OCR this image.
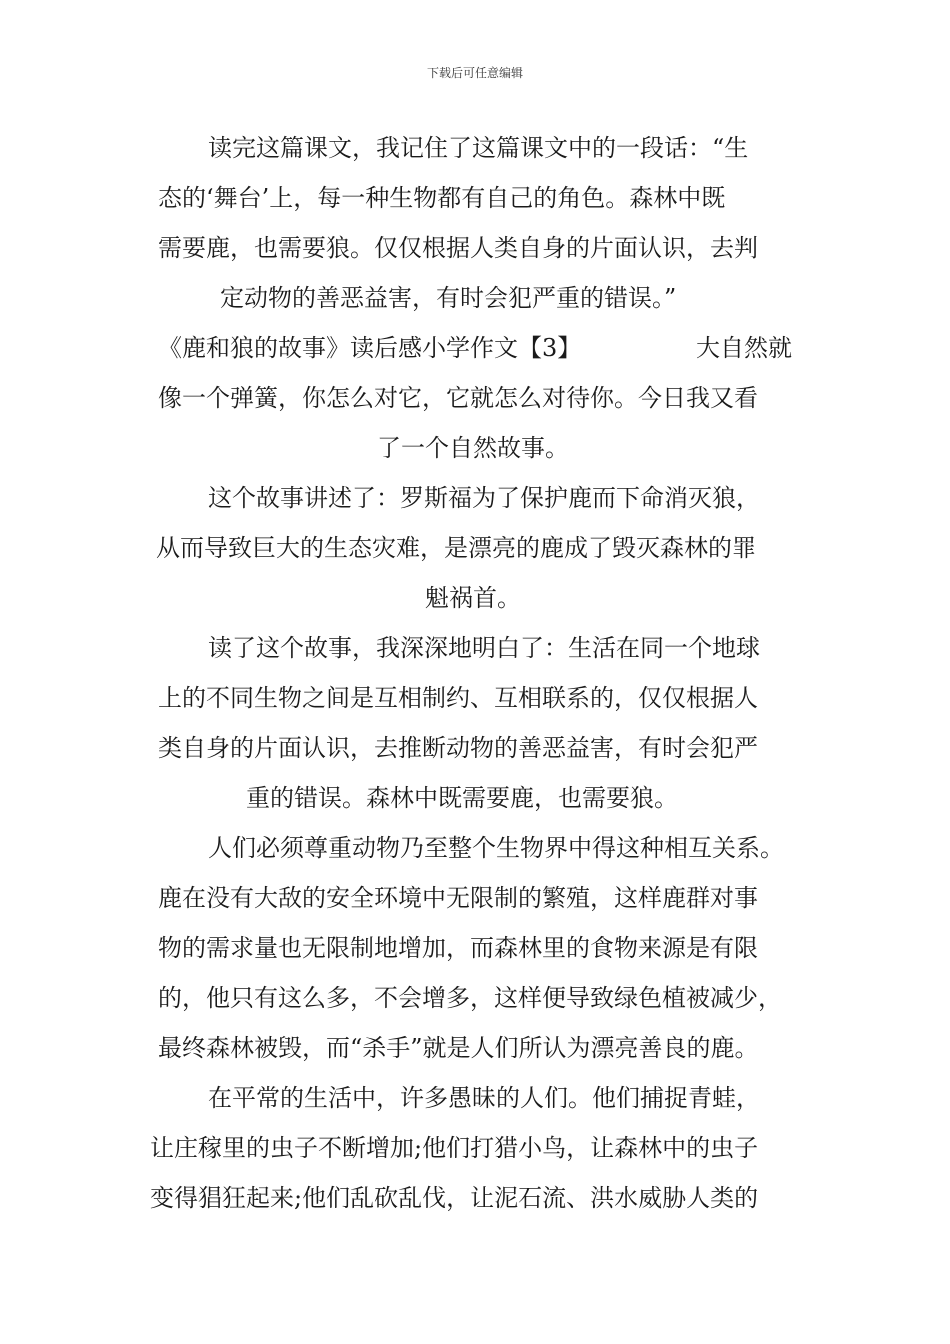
下载后可任意编辑
读完这篇课文，我记住了这篇课文中的一段话：“生
态的‘舞台’上，每一种生物都有自己的角色。森林中既
需要鹿，也需要狼。仅仅根据人类自身的片面认识，去判
定动物的善恶益害，有时会犯严重的错误。”
《鹿和狼的故事》读后感小学作文【3】	大自然就
像一个弹簧，你怎么对它，它就怎么对待你。今日我又看
了一个自然故事。
这个故事讲述了：罗斯福为了保护鹿而下命消灭狼，
从而导致巨大的生态灾难，是漂亮的鹿成了毁灭森林的罪
魁祸首。
读了这个故事，我深深地明白了：生活在同一个地球
上的不同生物之间是互相制约、互相联系的，仅仅根据人
类自身的片面认识，去推断动物的善恶益害，有时会犯严
重的错误。森林中既需要鹿，也需要狼。
人们必须尊重动物乃至整个生物界中得这种相互关系。
鹿在没有大敌的安全环境中无限制的繁殖，这样鹿群对事
物的需求量也无限制地增加，而森林里的食物来源是有限
的，他只有这么多，不会增多，这样便导致绿色植被减少，
最终森林被毁，而“杀手”就是人们所认为漂亮善良的鹿。
在平常的生活中，许多愚昧的人们。他们捕捉青蛙，
让庄稼里的虫子不断增加;他们打猎小鸟，让森林中的虫子
变得猖狂起来;他们乱砍乱伐，让泥石流、洪水威胁人类的
